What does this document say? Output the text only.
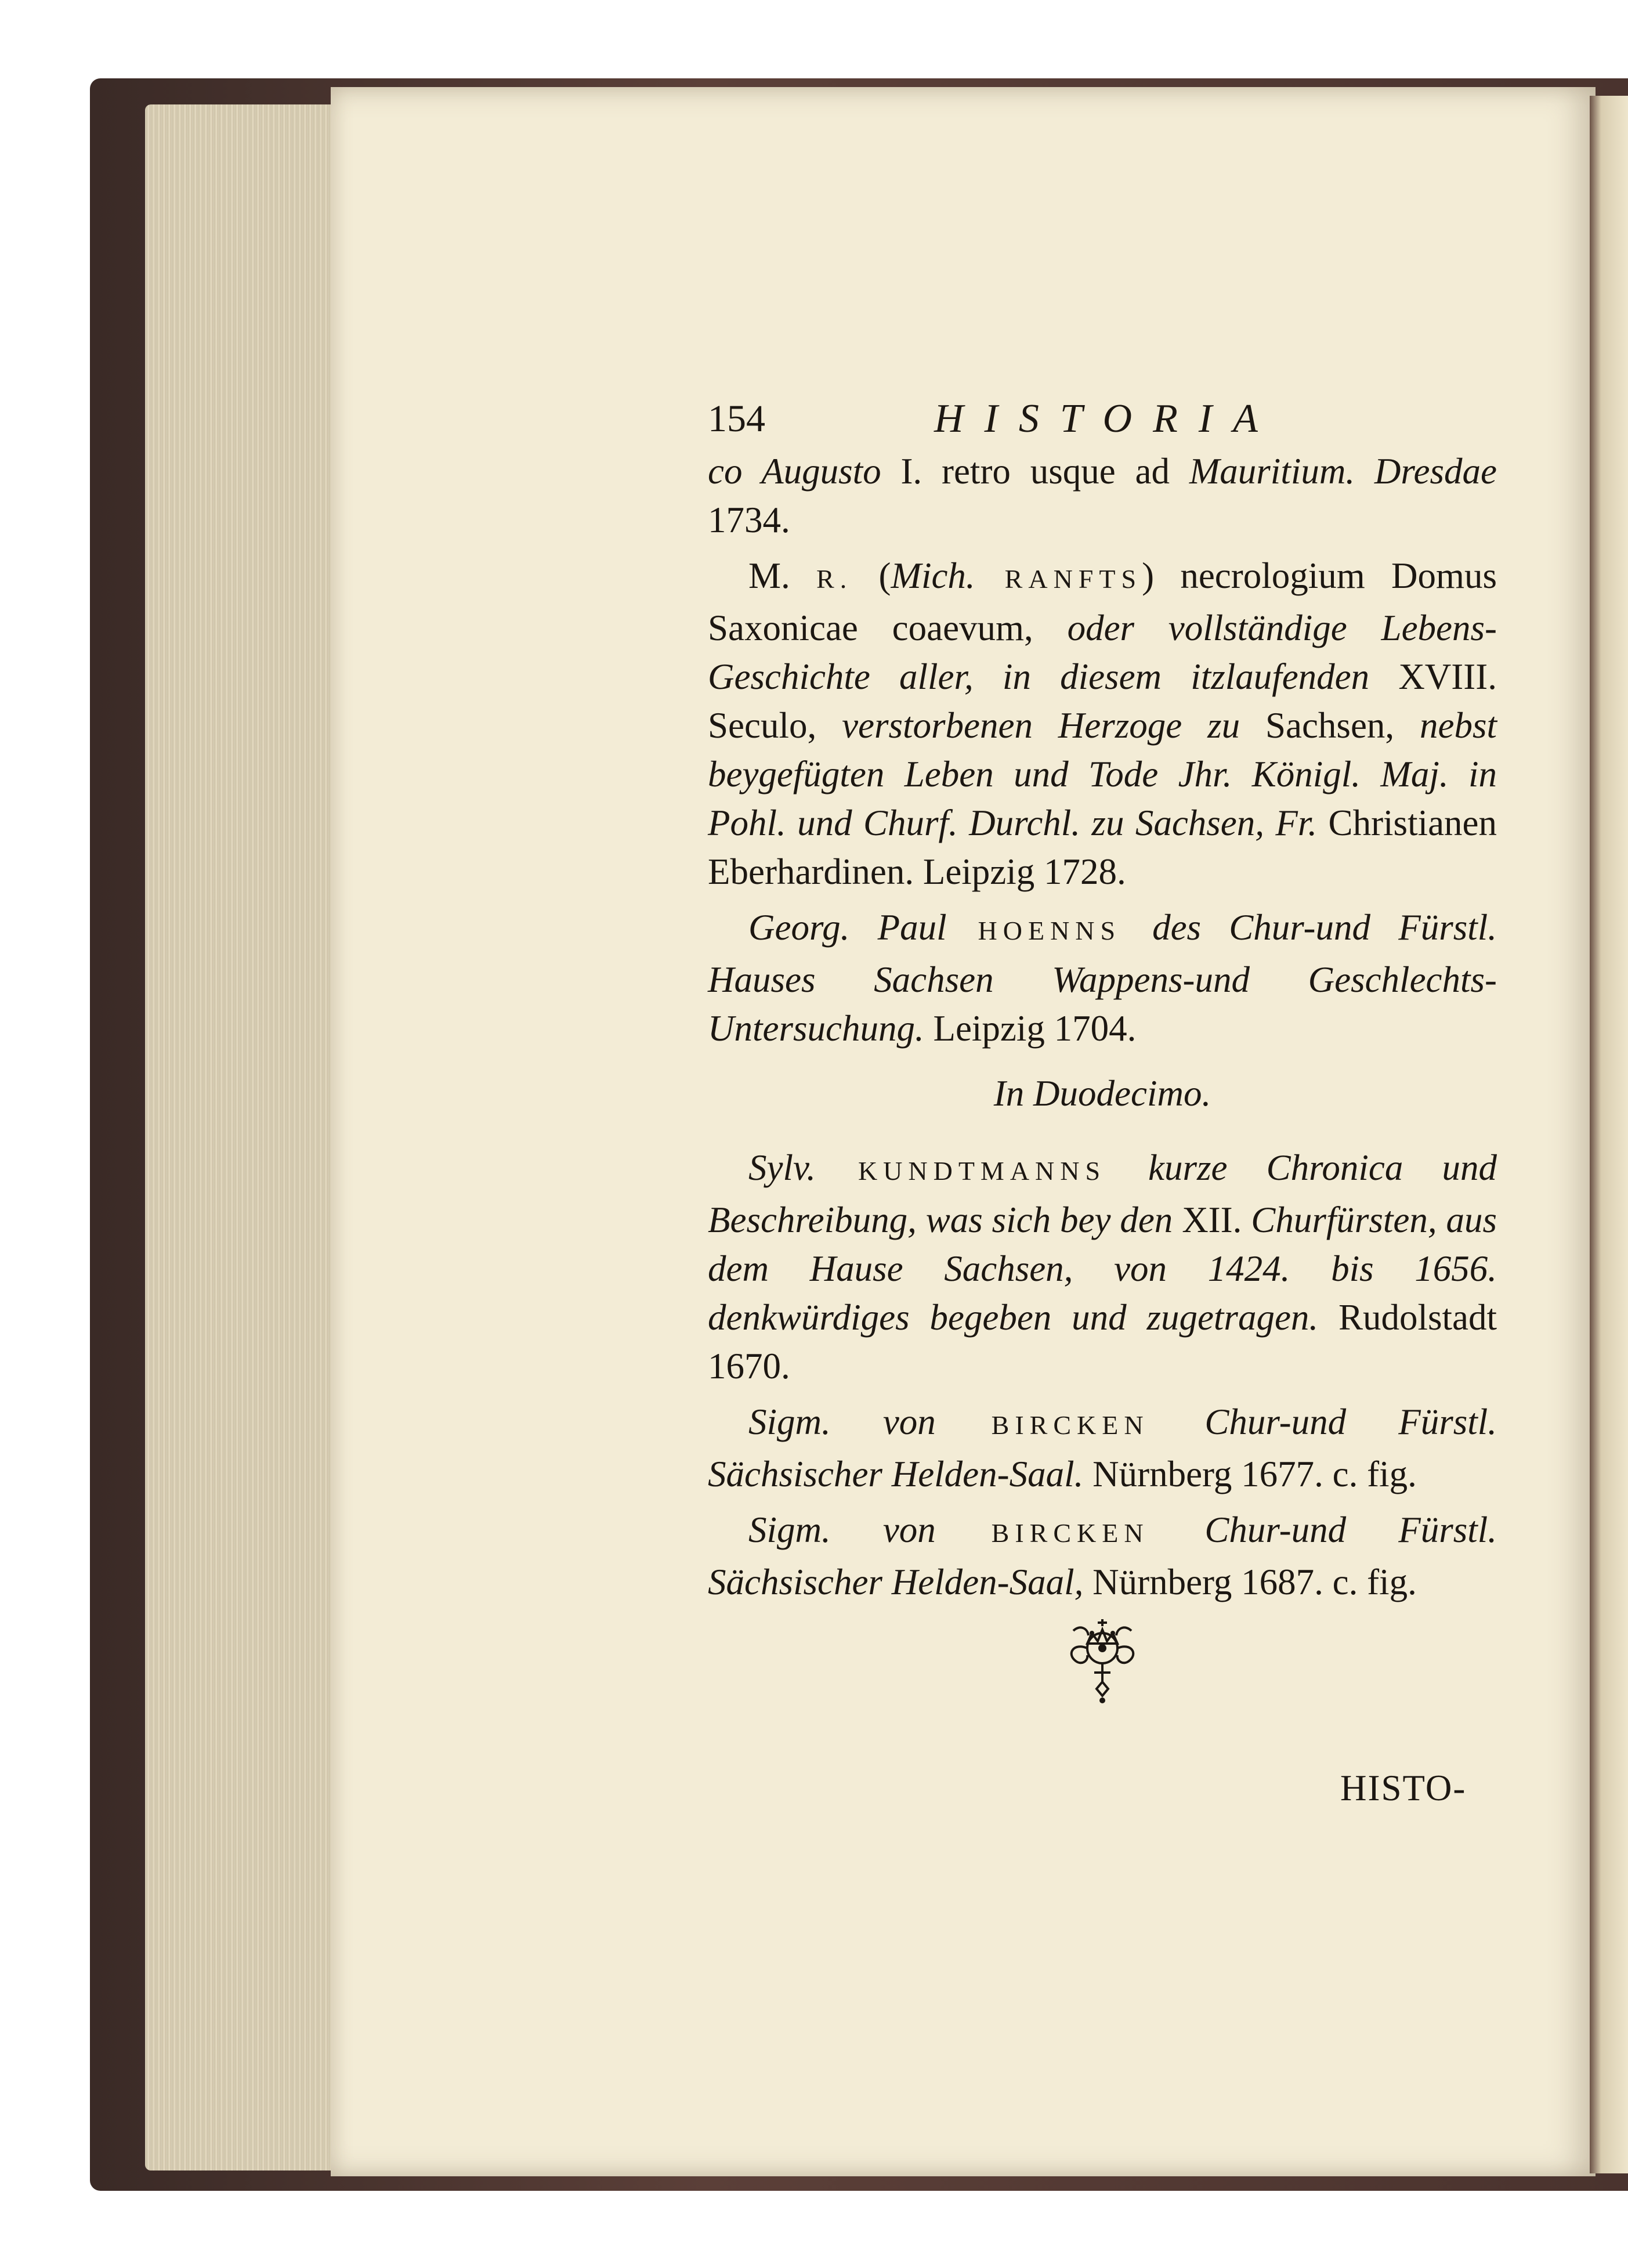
154	HISTORIA

co Augusto I. retro usque ad Mauritium. Dresdae 1734.

M. R. (Mich. RANFTS) necrologium Domus Saxonicae coaevum, oder vollständige Lebens-Geschichte aller, in diesem itzlaufenden XVIII. Seculo, verstorbenen Herzoge zu Sachsen, nebst beygefügten Leben und Tode Jhr. Königl. Maj. in Pohl. und Churf. Durchl. zu Sachsen, Fr. Christianen Eberhardinen. Leipzig 1728.

Georg. Paul HOENNS des Chur-und Fürstl. Hauses Sachsen Wappens-und Geschlechts-Untersuchung. Leipzig 1704.

In Duodecimo.

Sylv. KUNDTMANNS kurze Chronica und Beschreibung, was sich bey den XII. Churfürsten, aus dem Hause Sachsen, von 1424. bis 1656. denkwürdiges begeben und zugetragen. Rudolstadt 1670.

Sigm. von BIRCKEN Chur-und Fürstl. Sächsischer Helden-Saal. Nürnberg 1677. c. fig.

Sigm. von BIRCKEN Chur-und Fürstl. Sächsischer Helden-Saal, Nürnberg 1687. c. fig.

HISTO-
